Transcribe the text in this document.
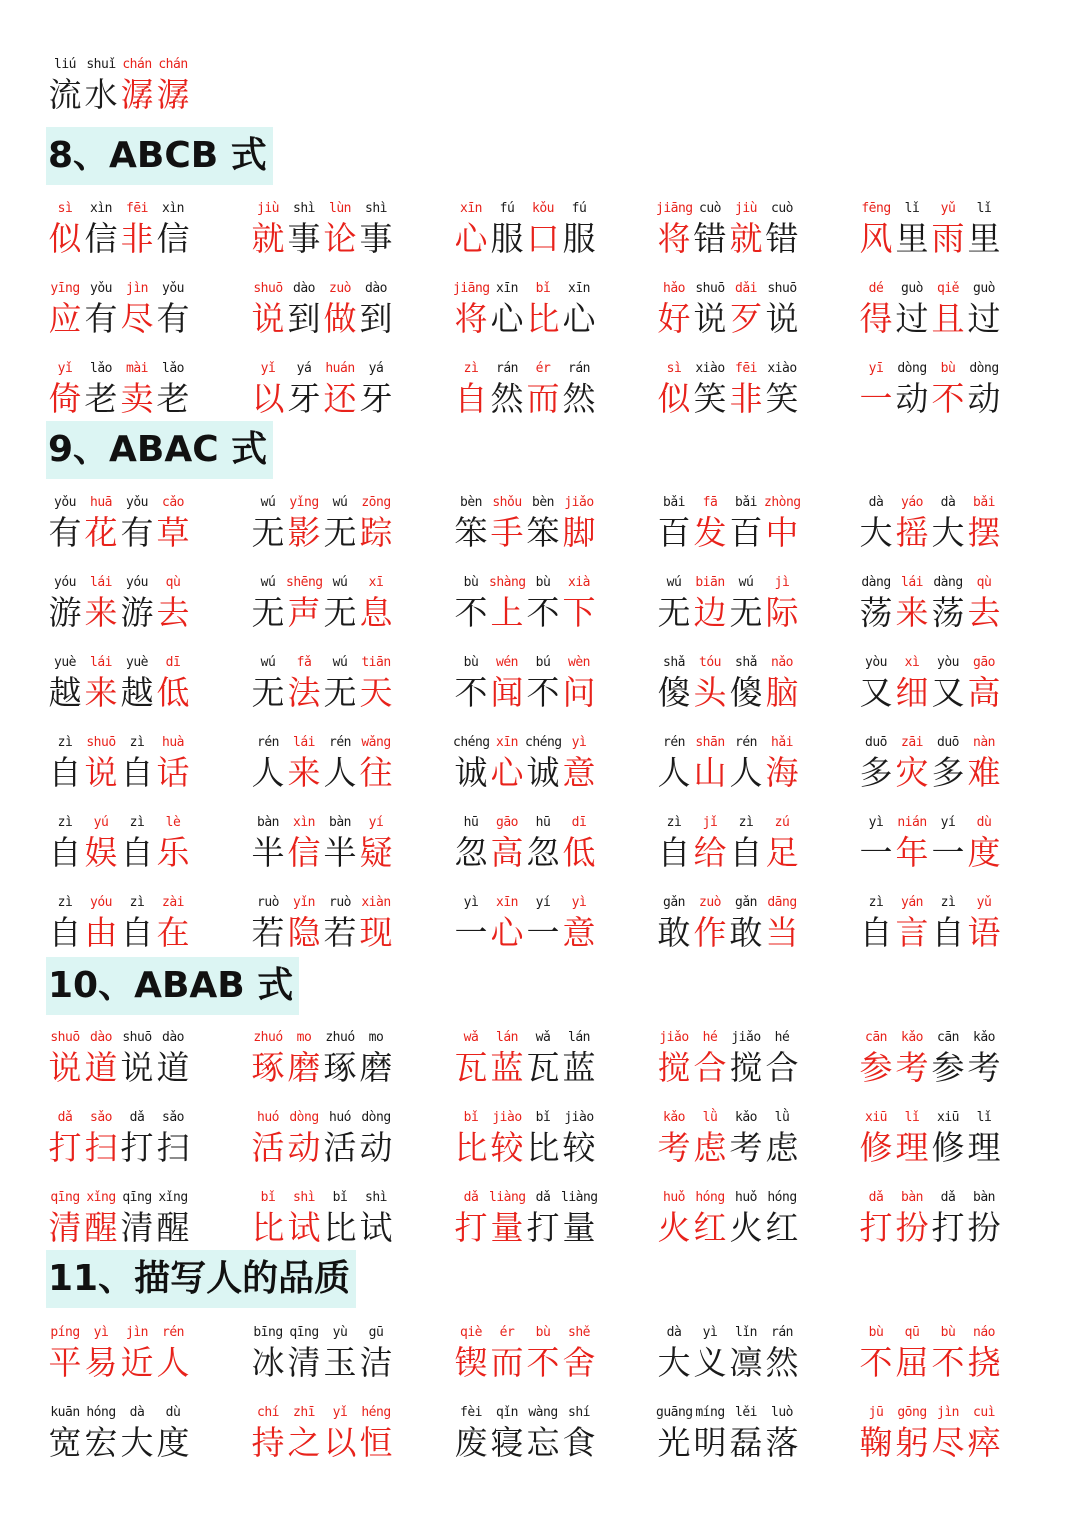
liú shuǐ chán chán
流 水 潺 潺
8、ABCB 式
sì	xìn	fēi	xìn
似 信 非 信
jiù	shì	lùn	shì
就 事 论 事
xīn	fú	kǒu	fú
心 服 口 服
jiāng cuò	jiù	cuò
将 错 就 错
fēng	lǐ	yǔ	lǐ
风 里 雨 里
yīng yǒu	jìn	yǒu
应 有 尽 有
shuō dào	zuò	dào
说 到 做 到
jiāng xīn	bǐ	xīn
将 心 比 心
hǎo shuō dǎi shuō
好 说 歹 说
dé	guò	qiě	guò
得 过 且 过
yǐ	lǎo	mài	lǎo
倚 老 卖 老
yǐ	yá	huán	yá
以 牙 还 牙
zì	rán	ér	rán
自 然 而 然
sì	xiào fēi xiào
似 笑 非 笑
yī	dòng	bù	dòng
一 动 不 动
9、ABAC 式
yǒu	huā	yǒu	cǎo
有 花 有 草
wú	yǐng	wú	zōng
无 影 无 踪
bèn shǒu bèn jiǎo
笨 手 笨 脚
bǎi	fā	bǎi zhòng
百 发 百 中
dà	yáo	dà	bǎi
大 摇 大 摆
yóu	lái	yóu	qù
游 来 游 去
wú shēng wú	xī
无 声 无 息
bù shàng bù	xià
不 上 不 下
wú	biān	wú	jì
无 边 无 际
dàng lái dàng	qù
荡 来 荡 去
yuè	lái	yuè	dī
越 来 越 低
wú	fǎ	wú	tiān
无 法 无 天
bù	wén	bú	wèn
不 闻 不 问
shǎ	tóu	shǎ	nǎo
傻 头 傻 脑
yòu	xì	yòu	gāo
又 细 又 高
zì	shuō	zì	huà
自 说 自 话
rén	lái	rén wǎng
人 来 人 往
chéng xīn chéng yì
诚 心 诚 意
rén shān rén	hǎi
人 山 人 海
duō	zāi	duō	nàn
多 灾 多 难
zì	yú	zì	lè
自 娱 自 乐
bàn	xìn	bàn	yí
半 信 半 疑
hū	gāo	hū	dī
忽 高 忽 低
zì	jǐ	zì	zú
自 给 自 足
yì	nián	yí	dù
一 年 一 度
zì	yóu	zì	zài
自 由 自 在
ruò	yǐn	ruò xiàn
若 隐 若 现
yì	xīn	yí	yì
一 心 一 意
gǎn	zuò	gǎn dāng
敢 作 敢 当
zì	yán	zì	yǔ
自 言 自 语
10、ABAB 式
shuō dào shuō dào
说 道 说 道
zhuó	mo	zhuó	mo
琢 磨 琢 磨
wǎ	lán	wǎ	lán
瓦 蓝 瓦 蓝
jiǎo	hé	jiǎo	hé
搅 合 搅 合
cān	kǎo	cān	kǎo
参 考 参 考
dǎ	sǎo	dǎ	sǎo
打 扫 打 扫
huó dòng huó dòng
活 动 活 动
bǐ	jiào	bǐ	jiào
比 较 比 较
kǎo	lǜ	kǎo	lǜ
考 虑 考 虑
xiū	lǐ	xiū	lǐ
修 理 修 理
qīng xǐng qīng xǐng
清 醒 清 醒
bǐ	shì	bǐ	shì
比 试 比 试
dǎ liàng dǎ liàng
打 量 打 量
huǒ hóng huǒ hóng
火 红 火 红
dǎ	bàn	dǎ	bàn
打 扮 打 扮
11、描写人的品质
píng	yì	jìn	rén
平 易 近 人
bīng qīng	yù	gū
冰 清 玉 洁
qiè	ér	bù	shě
锲 而 不 舍
dà	yì	lǐn	rán
大 义 凛 然
bù	qū	bù	náo
不 屈 不 挠
kuān hóng	dà	dù
宽 宏 大 度
chí	zhī	yǐ	héng
持 之 以 恒
fèi	qǐn wàng shí
废 寝 忘 食
guāng míng lěi	luò
光 明 磊 落
jū	gōng jìn	cuì
鞠 躬 尽 瘁
